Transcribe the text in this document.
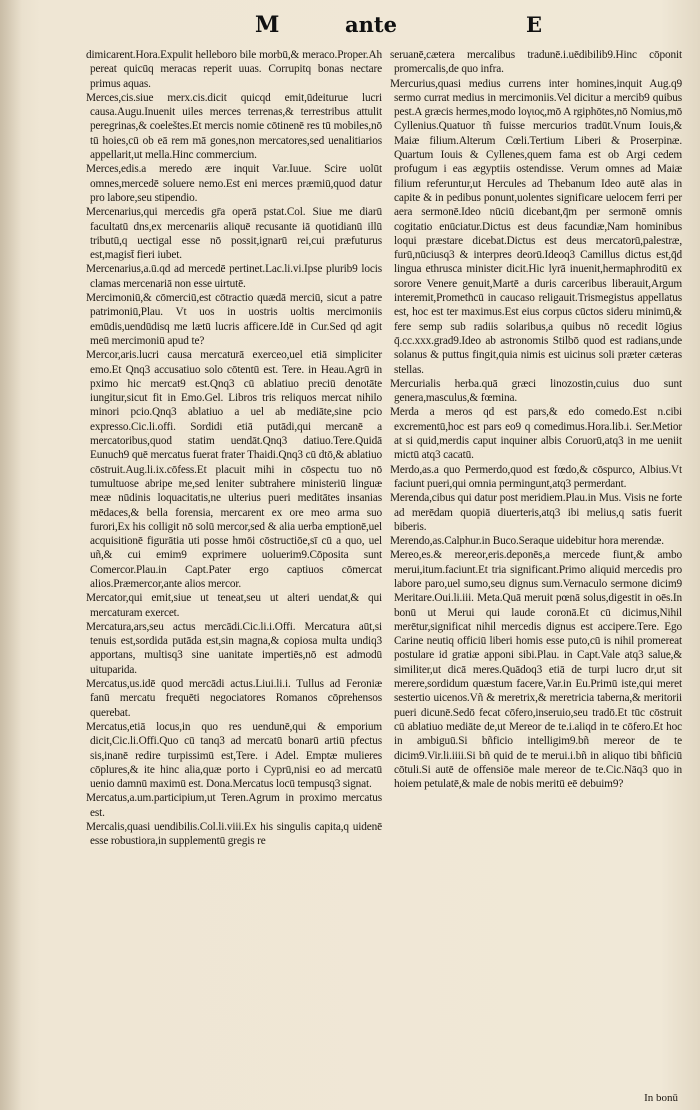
M	ante	E

dimicarent.Hora.Expulit helleboro bile morbū,& meraco.Proper.Ah pereat quicūq meracas reperit uuas. Corrupitq bonas nectare primus aquas.

Merces,cis.siue merx.cis.dicit quicqd emit,ūdeiturue lucri causa.Augu.Inuenit uiles merces terrenas,& terrestribus attulit peregrinas,& coeleštes.Et mercis nomie cōtinenē res tū mobiles,nō tū hoies,cū ob eā rem mā gones,non mercatores,sed uenalitiarios appellarit,ut mella.Hinc commercium.

Merces,edis.a meredo ære inquit Var.Iuue. Scire uolūt omnes,mercedē soluere nemo.Est eni merces præmiū,quod datur pro labore,seu stipendio.

Mercenarius,qui mercedis gr̄a operā pstat.Col. Siue me diarū facultatū dns,ex mercenariis aliquē recusante iā quotidianū illū tributū,q uectigal esse nō possit,ignarū rei,cui præfuturus est,magist̄ fieri iubet.

Mercenarius,a.ū.qd ad mercedē pertinet.Lac.li.vi.Ipse plurib9 locis clamas mercenariā non esse uirtutē.

Mercimoniū,& cōmerciū,est cōtractio quædā merciū, sicut a patre patrimoniū,Plau. Vt uos in uostris uoltis mercimoniis emūdis,uendūdisq me lætū lucris afficere.Idē in Cur.Sed qd agit meū mercimoniū apud te?

Mercor,aris.lucri causa mercaturā exerceo,uel etiā simpliciter emo.Et Qnq3 accusatiuo solo cōtentū est. Tere. in Heau.Agrū in pximo hic mercat9 est.Qnq3 cū ablatiuo preciū denotāte iungitur,sicut fit in Emo.Gel. Libros tris reliquos mercat nihilo minori pcio.Qnq3 ablatiuo a uel ab mediāte,sine pcio expresso.Cic.li.offi. Sordidi etiā putādi,qui mercanē a mercatoribus,quod statim uendāt.Qnq3 datiuo.Tere.Quidā Eunuch9 quē mercatus fuerat frater Thaidi.Qnq3 cū dtō,& ablatiuo cōstruit.Aug.li.ix.cōfess.Et placuit mihi in cōspectu tuo nō tumultuose abripe me,sed leniter subtrahere ministeriū linguæ meæ nūdinis loquacitatis,ne ulterius pueri meditātes insanias mēdaces,& bella forensia, mercarent ex ore meo arma suo furori,Ex his colligit nō solū mercor,sed & alia uerba emptionē,uel acquisitionē figurātia uti posse hmōi cōstructiōe,sī cū a quo, uel uñ,& cui emim9 exprimere uoluerim9.Cōposita sunt Comercor.Plau.in Capt.Pater ergo captiuos cōmercat alios.Præmercor,ante alios mercor.

Mercator,qui emit,siue ut teneat,seu ut alteri uendat,& qui mercaturam exercet.

Mercatura,ars,seu actus mercādi.Cic.li.i.Offi. Mercatura aūt,si tenuis est,sordida putāda est,sin magna,& copiosa multa undiq3 apportans, multisq3 sine uanitate impertiēs,nō est admodū uituparida.

Mercatus,us.idē quod mercādi actus.Liui.li.i. Tullus ad Feroniæ fanū mercatu frequēti negociatores Romanos cōprehensos querebat.

Mercatus,etiā locus,in quo res uendunē,qui & emporium dicit,Cic.li.Offi.Quo cū tanq3 ad mercatū bonarū artiū pfectus sis,inanē redire turpissimū est,Tere. i Adel. Emptæ mulieres cōplures,& ite hinc alia,quæ porto i Cyprū,nisi eo ad mercatū uenio damnū maximū est. Dona.Mercatus locū tempusq3 signat.

Mercatus,a.um.participium,ut Teren.Agrum in proximo mercatus est.

Mercalis,quasi uendibilis.Col.li.viii.Ex his singulis capita,q uidenē esse robustiora,in supplementū gregis re

seruanē,cætera mercalibus tradunē.i.uēdibilib9.Hinc cōponit promercalis,de quo infra.

Mercurius,quasi medius currens inter homines,inquit Aug.q9 sermo currat medius in mercimoniis.Vel dicitur a mercib9 quibus pest.A græcis hermes,modo loγιος,mō A rgiphōtes,nō Nomius,mō Cyllenius.Quatuor tñ fuisse mercurios tradūt.Vnum Iouis,& Maiæ filium.Alterum Cœli.Tertium Liberi & Proserpinæ. Quartum Iouis & Cyllenes,quem fama est ob Argi cedem profugum i eas ægyptiis ostendisse. Verum omnes ad Maiæ filium referuntur,ut Hercules ad Thebanum Ideo autē alas in capite & in pedibus ponunt,uolentes significare uelocem ferri per aera sermonē.Ideo nūciū dicebant,q̄m per sermonē omnis cogitatio enūciatur.Dictus est deus facundiæ,Nam hominibus loqui præstare dicebat.Dictus est deus mercatorū,palestræ, furū,nūciusq3 & interpres deorū.Ideoq3 Camillus dictus est,q̄d lingua ethrusca minister dicit.Hic lyrā inuenit,hermaphroditū ex sorore Venere genuit,Martē a duris carceribus liberauit,Argum interemit,Promethcū in caucaso religauit.Trismegistus appellatus est, hoc est ter maximus.Est eius corpus cūctos sideru minimū,& fere semp sub radiis solaribus,a quibus nō recedit lōgius q̄.cc.xxx.grad9.Ideo ab astronomis Stilbō quod est radians,unde solanus & puttus fingit,quia nimis est uicinus soli præter cæteras stellas.

Mercurialis herba.quā græci linozostin,cuius duo sunt genera,masculus,& fœmina.

Merda a meros qd est pars,& edo comedo.Est n.cibi excrementū,hoc est pars eo9 q comedimus.Hora.lib.i. Ser.Metior at si quid,merdis caput inquiner albis Coruorū,atq3 in me ueniit mictū atq3 cacatū.

Merdo,as.a quo Permerdo,quod est fœdo,& cōspurco, Albius.Vt faciunt pueri,qui omnia permingunt,atq3 permerdant.

Merenda,cibus qui datur post meridiem.Plau.in Mus. Visis ne forte ad merēdam quopiā diuerteris,atq3 ibi melius,q satis fuerit biberis.

Merendo,as.Calphur.in Buco.Seraque uidebitur hora merendæ.

Mereo,es.& mereor,eris.deponēs,a mercede fiunt,& ambo merui,itum.faciunt.Et tria significant.Primo aliquid mercedis pro labore paro,uel sumo,seu dignus sum.Vernaculo sermone dicim9 Meritare.Oui.li.iii. Meta.Quā meruit pœnā solus,digestit in oēs.In bonū ut Merui qui laude coronā.Et cū dicimus,Nihil merētur,significat nihil mercedis dignus est accipere.Tere. Ego Carine neutiq officiū liberi homis esse puto,cū is nihil promereat postulare id gratiæ apponi sibi.Plau. in Capt.Vale atq3 salue,& similiter,ut dicā meres.Quādoq3 etiā de turpi lucro dr,ut sit merere,sordidum quæstum facere,Var.in Eu.Primū iste,qui meret sestertio uicenos.Vñ & meretrix,& meretricia taberna,& meritorii pueri dicunē.Sedō fecat cōfero,inseruio,seu tradō.Et tūc cōstruit cū ablatiuo mediāte de,ut Mereor de te.i.aliqd in te cōfero.Et hoc in ambiguū.Si bñficio intelligim9.bñ mereor de te dicim9.Vir.li.iiii.Si bñ quid de te merui.i.bñ in aliquo tibi bñficiū cōtuli.Si autē de offensiōe male mereor de te.Cic.Nāq3 quo in hoiem petulatē,& male de nobis meritū eē debuim9?

In bonū
